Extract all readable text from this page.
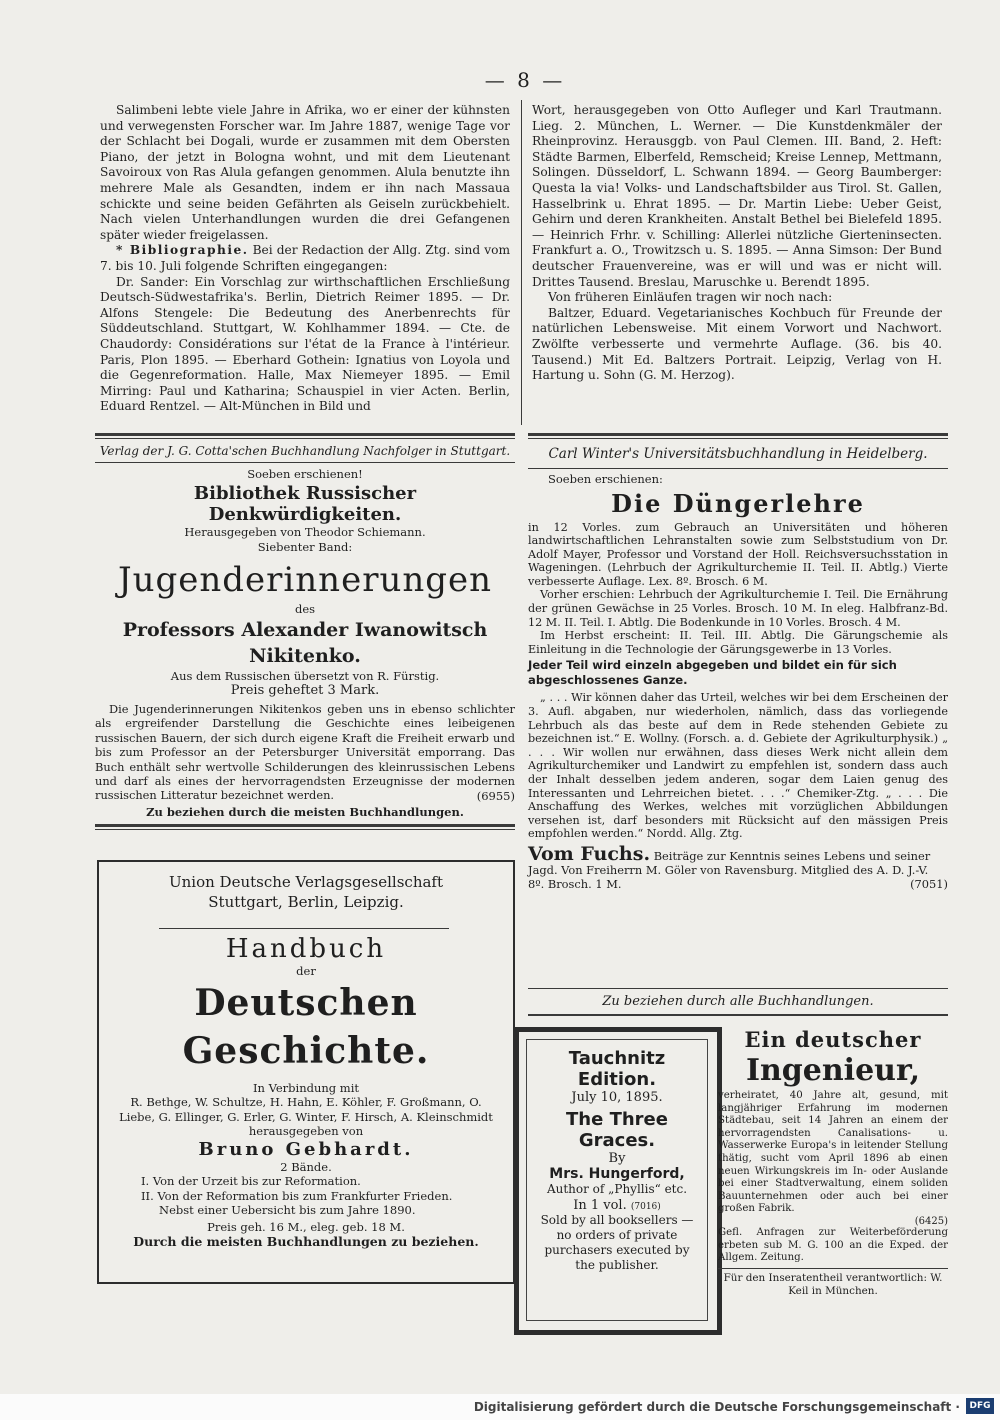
— 8 —

Salimbeni lebte viele Jahre in Afrika, wo er einer der kühnsten und verwegensten Forscher war. Im Jahre 1887, wenige Tage vor der Schlacht bei Dogali, wurde er zusammen mit dem Obersten Piano, der jetzt in Bologna wohnt, und mit dem Lieutenant Savoiroux von Ras Alula gefangen genommen. Alula benutzte ihn mehrere Male als Gesandten, indem er ihn nach Massaua schickte und seine beiden Gefährten als Geiseln zurückbehielt. Nach vielen Unterhandlungen wurden die drei Gefangenen später wieder freigelassen.

* Bibliographie. Bei der Redaction der Allg. Ztg. sind vom 7. bis 10. Juli folgende Schriften eingegangen:

Dr. Sander: Ein Vorschlag zur wirthschaftlichen Erschließung Deutsch-Südwestafrika's. Berlin, Dietrich Reimer 1895. — Dr. Alfons Stengele: Die Bedeutung des Anerbenrechts für Süddeutschland. Stuttgart, W. Kohlhammer 1894. — Cte. de Chaudordy: Considérations sur l'état de la France à l'intérieur. Paris, Plon 1895. — Eberhard Gothein: Ignatius von Loyola und die Gegenreformation. Halle, Max Niemeyer 1895. — Emil Mirring: Paul und Katharina; Schauspiel in vier Acten. Berlin, Eduard Rentzel. — Alt-München in Bild und

Wort, herausgegeben von Otto Aufleger und Karl Trautmann. Lieg. 2. München, L. Werner. — Die Kunstdenkmäler der Rheinprovinz. Herausggb. von Paul Clemen. III. Band, 2. Heft: Städte Barmen, Elberfeld, Remscheid; Kreise Lennep, Mettmann, Solingen. Düsseldorf, L. Schwann 1894. — Georg Baumberger: Questa la via! Volks- und Landschaftsbilder aus Tirol. St. Gallen, Hasselbrink u. Ehrat 1895. — Dr. Martin Liebe: Ueber Geist, Gehirn und deren Krankheiten. Anstalt Bethel bei Bielefeld 1895. — Heinrich Frhr. v. Schilling: Allerlei nützliche Gierteninsecten. Frankfurt a. O., Trowitzsch u. S. 1895. — Anna Simson: Der Bund deutscher Frauenvereine, was er will und was er nicht will. Drittes Tausend. Breslau, Maruschke u. Berendt 1895.

Von früheren Einläufen tragen wir noch nach:

Baltzer, Eduard. Vegetarianisches Kochbuch für Freunde der natürlichen Lebensweise. Mit einem Vorwort und Nachwort. Zwölfte verbesserte und vermehrte Auflage. (36. bis 40. Tausend.) Mit Ed. Baltzers Portrait. Leipzig, Verlag von H. Hartung u. Sohn (G. M. Herzog).

Verlag der J. G. Cotta'schen Buchhandlung Nachfolger in Stuttgart.
Soeben erschienen!
Bibliothek Russischer Denkwürdigkeiten.
Herausgegeben von Theodor Schiemann.
Siebenter Band:
Jugenderinnerungen
des
Professors Alexander Iwanowitsch Nikitenko.
Aus dem Russischen übersetzt von R. Fürstig.
Preis geheftet 3 Mark.
Die Jugenderinnerungen Nikitenkos geben uns in ebenso schlichter als ergreifender Darstellung die Geschichte eines leibeigenen russischen Bauern, der sich durch eigene Kraft die Freiheit erwarb und bis zum Professor an der Petersburger Universität emporrang. Das Buch enthält sehr wertvolle Schilderungen des kleinrussischen Lebens und darf als eines der hervorragendsten Erzeugnisse der modernen russischen Litteratur bezeichnet werden.	(6955)
Zu beziehen durch die meisten Buchhandlungen.
Union Deutsche Verlagsgesellschaft Stuttgart, Berlin, Leipzig.
Handbuch
der
Deutschen Geschichte.
In Verbindung mit
R. Bethge, W. Schultze, H. Hahn, E. Köhler, F. Großmann, O. Liebe, G. Ellinger, G. Erler, G. Winter, F. Hirsch, A. Kleinschmidt
herausgegeben von
Bruno Gebhardt.
2 Bände.
I. Von der Urzeit bis zur Reformation.
II. Von der Reformation bis zum Frankfurter Frieden.
Nebst einer Uebersicht bis zum Jahre 1890.
Preis geh. 16 M., eleg. geb. 18 M.
Durch die meisten Buchhandlungen zu beziehen.
Carl Winter's Universitätsbuchhandlung in Heidelberg.
Soeben erschienen:
Die Düngerlehre
in 12 Vorles. zum Gebrauch an Universitäten und höheren landwirtschaftlichen Lehranstalten sowie zum Selbststudium von Dr. Adolf Mayer, Professor und Vorstand der Holl. Reichsversuchsstation in Wageningen. (Lehrbuch der Agrikulturchemie II. Teil. II. Abtlg.) Vierte verbesserte Auflage. Lex. 8º. Brosch. 6 M.
Vorher erschien: Lehrbuch der Agrikulturchemie I. Teil. Die Ernährung der grünen Gewächse in 25 Vorles. Brosch. 10 M. In eleg. Halbfranz-Bd. 12 M. II. Teil. I. Abtlg. Die Bodenkunde in 10 Vorles. Brosch. 4 M.
Im Herbst erscheint: II. Teil. III. Abtlg. Die Gärungschemie als Einleitung in die Technologie der Gärungsgewerbe in 13 Vorles.
Jeder Teil wird einzeln abgegeben und bildet ein für sich abgeschlossenes Ganze.
„ . . . Wir können daher das Urteil, welches wir bei dem Erscheinen der 3. Aufl. abgaben, nur wiederholen, nämlich, dass das vorliegende Lehrbuch als das beste auf dem in Rede stehenden Gebiete zu bezeichnen ist.“ E. Wollny. (Forsch. a. d. Gebiete der Agrikulturphysik.) „ . . . Wir wollen nur erwähnen, dass dieses Werk nicht allein dem Agrikulturchemiker und Landwirt zu empfehlen ist, sondern dass auch der Inhalt desselben jedem anderen, sogar dem Laien genug des Interessanten und Lehrreichen bietet. . . .“ Chemiker-Ztg. „ . . . Die Anschaffung des Werkes, welches mit vorzüglichen Abbildungen versehen ist, darf besonders mit Rücksicht auf den mässigen Preis empfohlen werden.“ Nordd. Allg. Ztg.
Vom Fuchs. Beiträge zur Kenntnis seines Lebens und seiner Jagd. Von Freiherrn M. Göler von Ravensburg. Mitglied des A. D. J.-V. 8º. Brosch. 1 M.	(7051)
Zu beziehen durch alle Buchhandlungen.
Tauchnitz Edition.
July 10, 1895.
The Three Graces.
By
Mrs. Hungerford,
Author of „Phyllis“ etc.
In 1 vol. (7016)
Sold by all booksellers — no orders of private purchasers executed by the publisher.
Ein deutscher
Ingenieur,
verheiratet, 40 Jahre alt, gesund, mit langjähriger Erfahrung im modernen Städtebau, seit 14 Jahren an einem der hervorragendsten Canalisations- u. Wasserwerke Europa's in leitender Stellung thätig, sucht vom April 1896 ab einen neuen Wirkungskreis im In- oder Auslande bei einer Stadtverwaltung, einem soliden Bauunternehmen oder auch bei einer großen Fabrik.
(6425)
Gefl. Anfragen zur Weiterbeförderung erbeten sub M. G. 100 an die Exped. der Allgem. Zeitung.
Für den Inseratentheil verantwortlich: W. Keil in München.
Digitalisierung gefördert durch die Deutsche Forschungsgemeinschaft ·	DFG
